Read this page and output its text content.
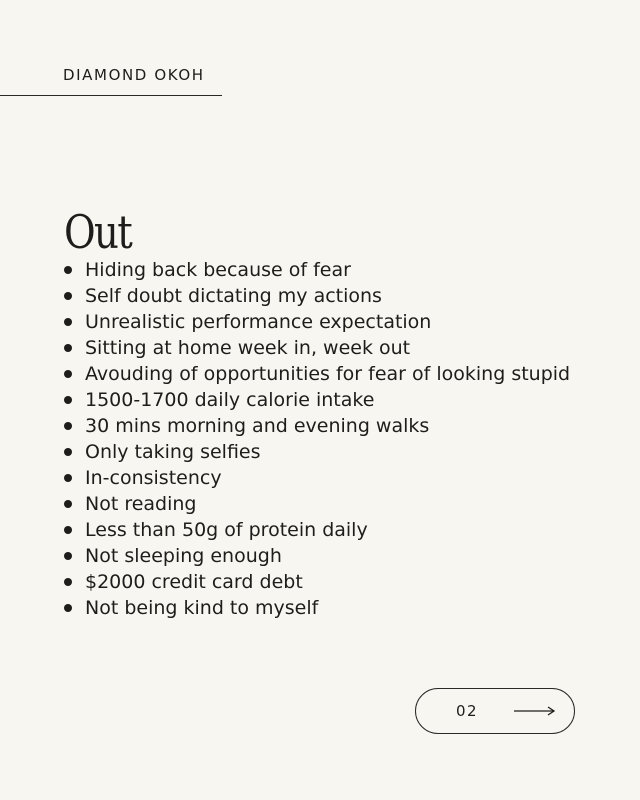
DIAMOND OKOH
Out
Hiding back because of fear
Self doubt dictating my actions
Unrealistic performance expectation
Sitting at home week in, week out
Avouding of opportunities for fear of looking stupid
1500-1700 daily calorie intake
30 mins morning and evening walks
Only taking selfies
In-consistency
Not reading
Less than 50g of protein daily
Not sleeping enough
$2000 credit card debt
Not being kind to myself
02
